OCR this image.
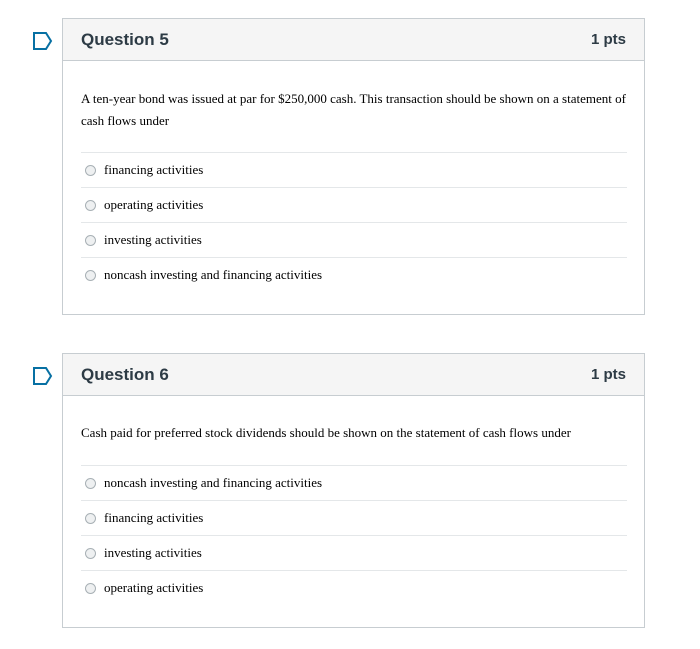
Question 5	1 pts

A ten-year bond was issued at par for $250,000 cash. This transaction should be shown on a statement of cash flows under

financing activities
operating activities
investing activities
noncash investing and financing activities
Question 6	1 pts

Cash paid for preferred stock dividends should be shown on the statement of cash flows under

noncash investing and financing activities
financing activities
investing activities
operating activities
